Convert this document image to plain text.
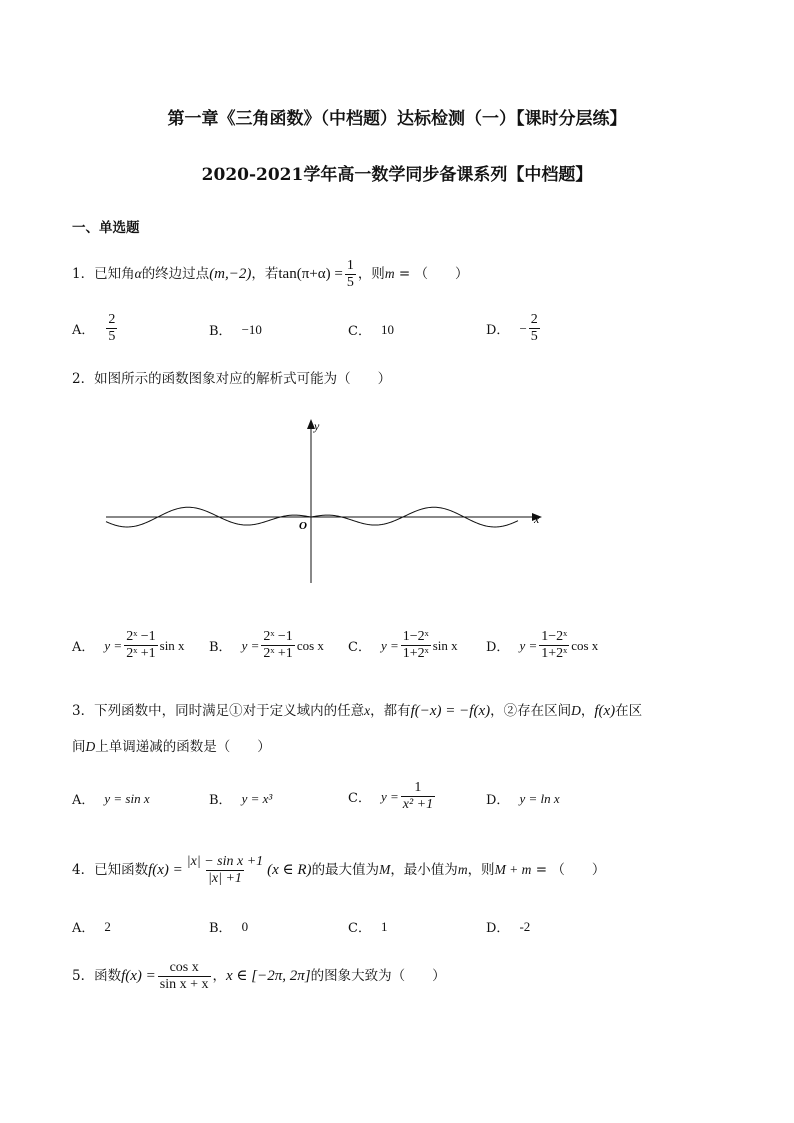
第一章《三角函数》（中档题）达标检测（一）【课时分层练】
2020-2021学年高一数学同步备课系列【中档题】
一、单选题
1．已知角α的终边过点(m,−2)，若$\tan(\pi+\alpha) = \frac{1}{5}$ ，则m = （　　）
A． $\frac{2}{5}$	B． −10	C． 10	D． − $\frac{2}{5}$
2．如图所示的函数图象对应的解析式可能为（　　）
x
y
O
A． $y = \frac{\text{2ˣ −1}}{\text{2ˣ +1}}$ sin x B． $y = \frac{\text{2ˣ −1}}{\text{2ˣ +1}}$ cos x C． $y = \frac{\text{1−2ˣ}}{\text{1+2ˣ}}$ sin x D． $y = \frac{\text{1−2ˣ}}{\text{1+2ˣ}}$ cos x
3．下列函数中，同时满足①对于定义域内的任意x，都有f(−x) = −f(x)，②存在区间D，f(x)在区
间D上单调递减的函数是（　　）
A． y = sin x	B． y = x³	C． $y = \frac{1}{\text{x² +1}}$	D． y = ln x
4．已知函数$f(x) = \frac{\text{|x| − sin x +1}}{|x| +1} (x$ ∈ R)的最大值为M，最小值为m，则M + m = （　　）
A． 2	B． 0	C． 1	D． -2
5．函数$f(x) = \frac{\text{cos x}}{\text{sin x + x}}$ ，x ∈ [−2π, 2π]的图象大致为（　　）
